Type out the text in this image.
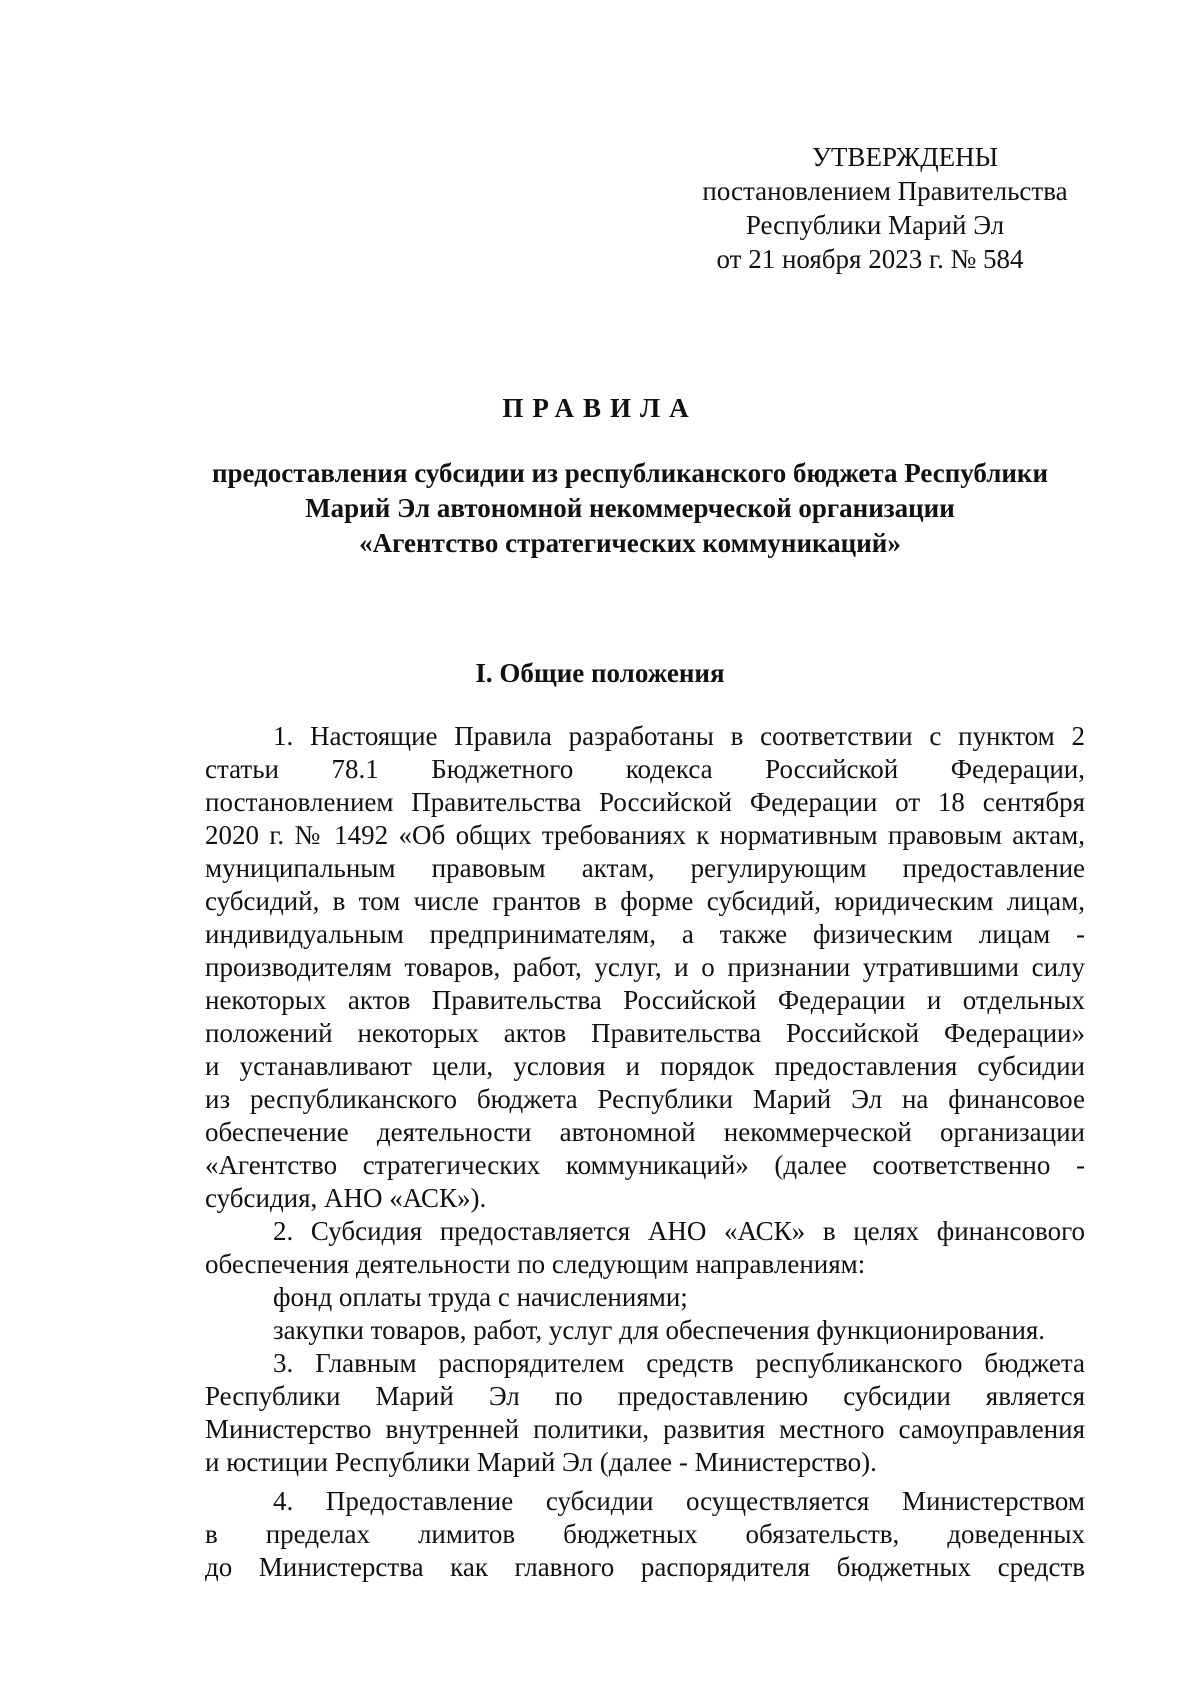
УТВЕРЖДЕНЫ
постановлением Правительства
Республики Марий Эл
от 21 ноября 2023 г. № 584
ПРАВИЛА
предоставления субсидии из республиканского бюджета Республики
Марий Эл автономной некоммерческой организации
«Агентство стратегических коммуникаций»
I. Общие положения
1. Настоящие Правила разработаны в соответствии с пунктом 2
статьи 78.1 Бюджетного кодекса Российской Федерации,
постановлением Правительства Российской Федерации от 18 сентября
2020 г. № 1492 «Об общих требованиях к нормативным правовым актам,
муниципальным правовым актам, регулирующим предоставление
субсидий, в том числе грантов в форме субсидий, юридическим лицам,
индивидуальным предпринимателям, а также физическим лицам -
производителям товаров, работ, услуг, и о признании утратившими силу
некоторых актов Правительства Российской Федерации и отдельных
положений некоторых актов Правительства Российской Федерации»
и устанавливают цели, условия и порядок предоставления субсидии
из республиканского бюджета Республики Марий Эл на финансовое
обеспечение деятельности автономной некоммерческой организации
«Агентство стратегических коммуникаций» (далее соответственно -
субсидия, АНО «АСК»).
2. Субсидия предоставляется АНО «АСК» в целях финансового
обеспечения деятельности по следующим направлениям:
фонд оплаты труда с начислениями;
закупки товаров, работ, услуг для обеспечения функционирования.
3. Главным распорядителем средств республиканского бюджета
Республики Марий Эл по предоставлению субсидии является
Министерство внутренней политики, развития местного самоуправления
и юстиции Республики Марий Эл (далее - Министерство).
4. Предоставление субсидии осуществляется Министерством
в пределах лимитов бюджетных обязательств, доведенных
до Министерства как главного распорядителя бюджетных средств
